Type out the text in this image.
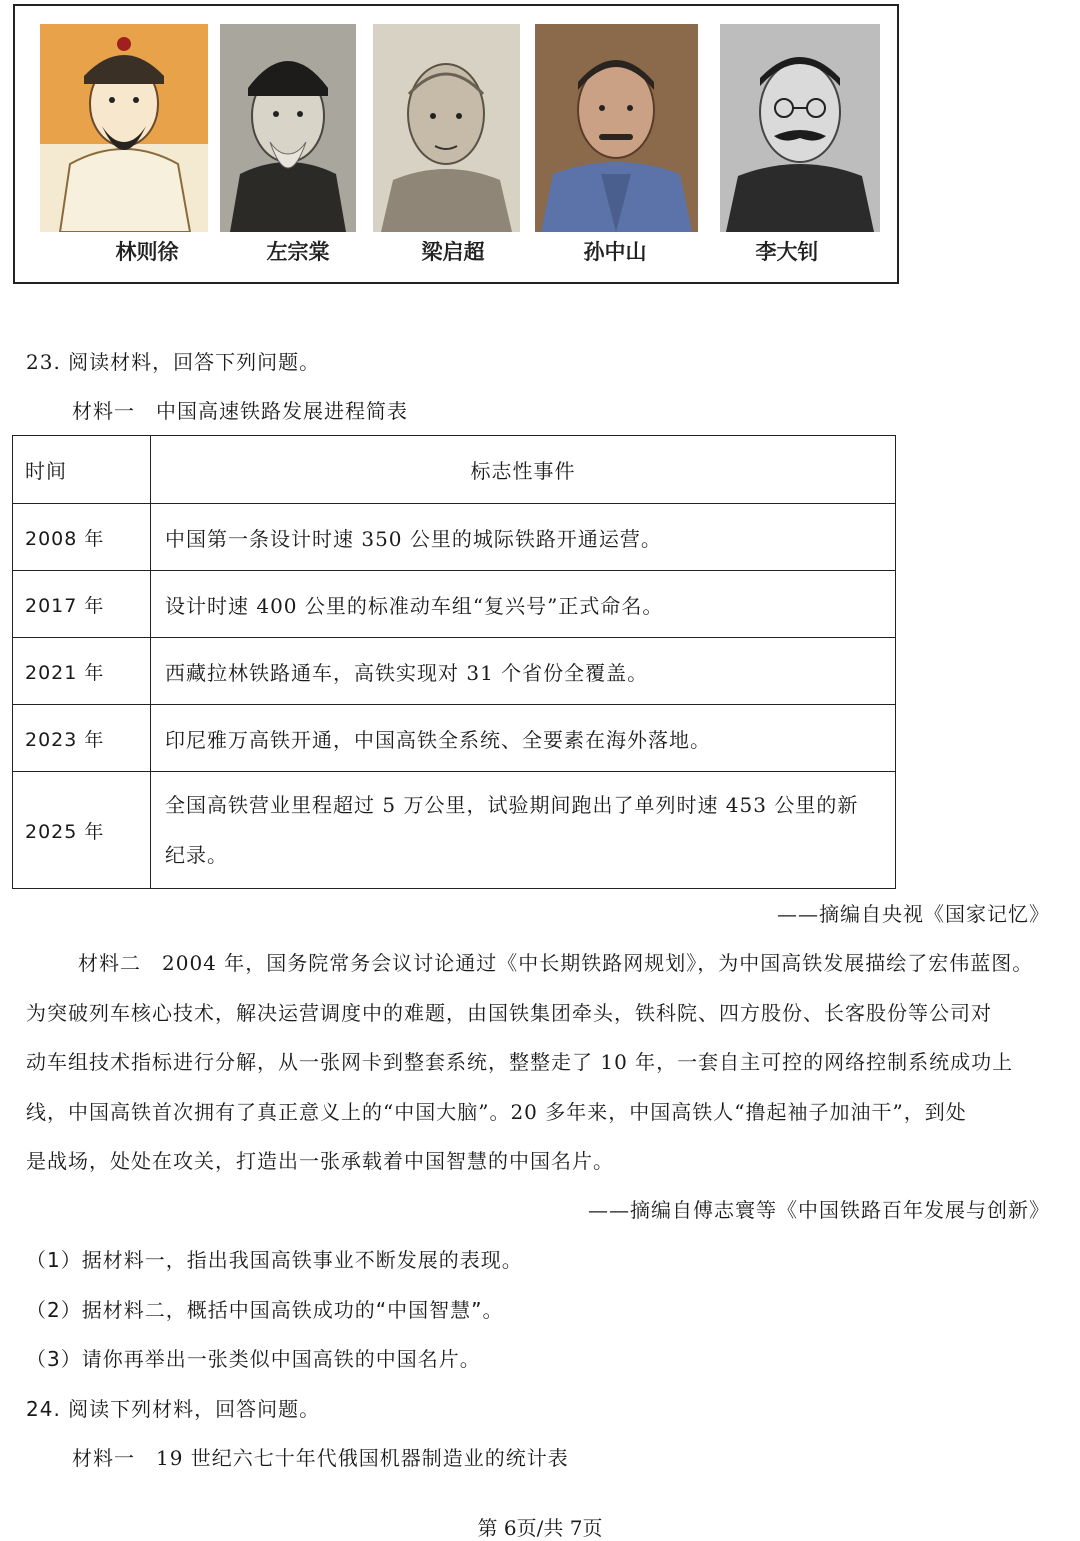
林则徐	左宗棠	梁启超	孙中山	李大钊
23. 阅读材料，回答下列问题。
材料一　中国高速铁路发展进程简表
时间	标志性事件
2008 年	中国第一条设计时速 350 公里的城际铁路开通运营。
2017 年	设计时速 400 公里的标准动车组“复兴号”正式命名。
2021 年	西藏拉林铁路通车，高铁实现对 31 个省份全覆盖。
2023 年	印尼雅万高铁开通，中国高铁全系统、全要素在海外落地。
2025 年	全国高铁营业里程超过 5 万公里，试验期间跑出了单列时速 453 公里的新
纪录。
——摘编自央视《国家记忆》
材料二　2004 年，国务院常务会议讨论通过《中长期铁路网规划》，为中国高铁发展描绘了宏伟蓝图。
为突破列车核心技术，解决运营调度中的难题，由国铁集团牵头，铁科院、四方股份、长客股份等公司对
动车组技术指标进行分解，从一张网卡到整套系统，整整走了 10 年，一套自主可控的网络控制系统成功上
线，中国高铁首次拥有了真正意义上的“中国大脑”。20 多年来，中国高铁人“撸起袖子加油干”，到处
是战场，处处在攻关，打造出一张承载着中国智慧的中国名片。
——摘编自傅志寰等《中国铁路百年发展与创新》
（1）据材料一，指出我国高铁事业不断发展的表现。
（2）据材料二，概括中国高铁成功的“中国智慧”。
（3）请你再举出一张类似中国高铁的中国名片。
24. 阅读下列材料，回答问题。
材料一　19 世纪六七十年代俄国机器制造业的统计表
第 6页/共 7页
